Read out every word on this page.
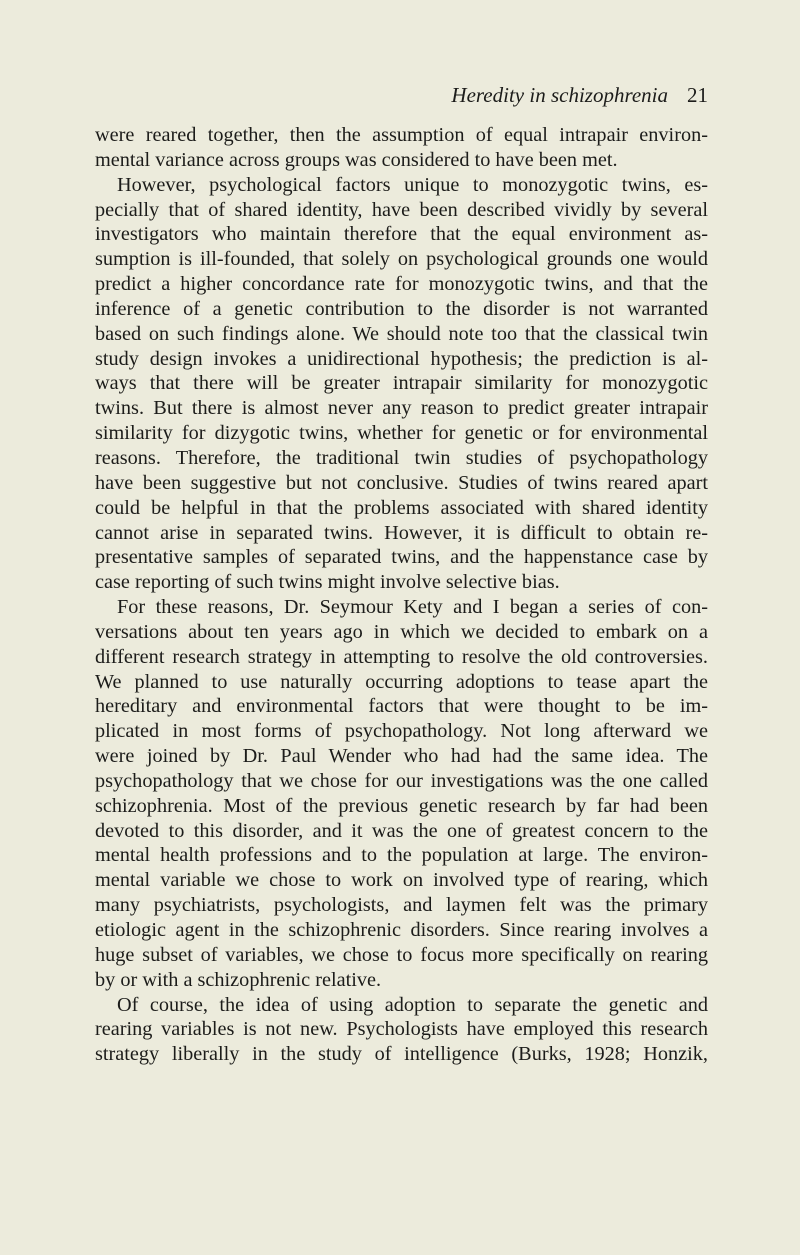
Heredity in schizophrenia 21
were reared together, then the assumption of equal intrapair environ-
mental variance across groups was considered to have been met.
However, psychological factors unique to monozygotic twins, es-
pecially that of shared identity, have been described vividly by several
investigators who maintain therefore that the equal environment as-
sumption is ill-founded, that solely on psychological grounds one would
predict a higher concordance rate for monozygotic twins, and that the
inference of a genetic contribution to the disorder is not warranted
based on such findings alone. We should note too that the classical twin
study design invokes a unidirectional hypothesis; the prediction is al-
ways that there will be greater intrapair similarity for monozygotic
twins. But there is almost never any reason to predict greater intrapair
similarity for dizygotic twins, whether for genetic or for environmental
reasons. Therefore, the traditional twin studies of psychopathology
have been suggestive but not conclusive. Studies of twins reared apart
could be helpful in that the problems associated with shared identity
cannot arise in separated twins. However, it is difficult to obtain re-
presentative samples of separated twins, and the happenstance case by
case reporting of such twins might involve selective bias.
For these reasons, Dr. Seymour Kety and I began a series of con-
versations about ten years ago in which we decided to embark on a
different research strategy in attempting to resolve the old controversies.
We planned to use naturally occurring adoptions to tease apart the
hereditary and environmental factors that were thought to be im-
plicated in most forms of psychopathology. Not long afterward we
were joined by Dr. Paul Wender who had had the same idea. The
psychopathology that we chose for our investigations was the one called
schizophrenia. Most of the previous genetic research by far had been
devoted to this disorder, and it was the one of greatest concern to the
mental health professions and to the population at large. The environ-
mental variable we chose to work on involved type of rearing, which
many psychiatrists, psychologists, and laymen felt was the primary
etiologic agent in the schizophrenic disorders. Since rearing involves a
huge subset of variables, we chose to focus more specifically on rearing
by or with a schizophrenic relative.
Of course, the idea of using adoption to separate the genetic and
rearing variables is not new. Psychologists have employed this research
strategy liberally in the study of intelligence (Burks, 1928; Honzik,
